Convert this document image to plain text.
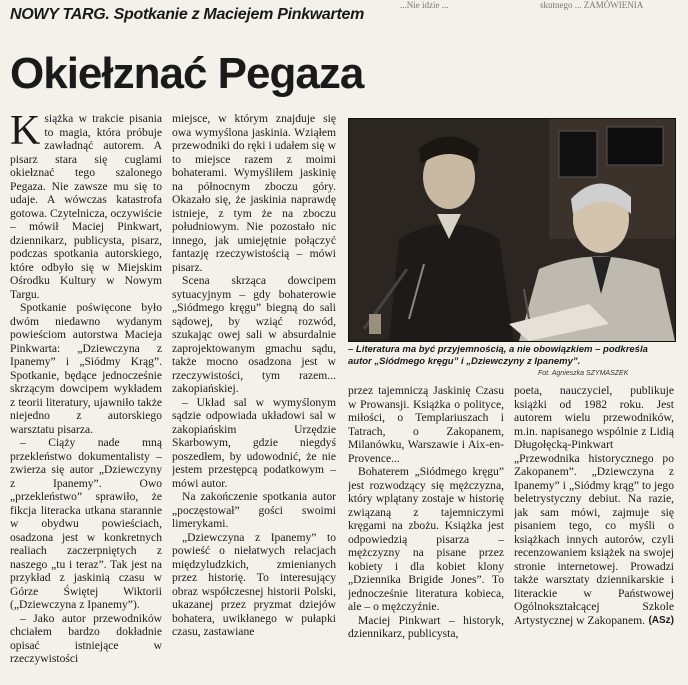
...Nie idzie ...	skutnego ... ZAMÓWIENIA
NOWY TARG. Spotkanie z Maciejem Pinkwartem
Okiełznać Pegaza

Książka w trakcie pisania to magia, która próbuje zawładnąć autorem. A pisarz stara się cuglami okiełznać tego szalonego Pegaza. Nie zawsze mu się to udaje. A wówczas katastrofa gotowa. Czytelnicza, oczywiście – mówił Maciej Pinkwart, dziennikarz, publicysta, pisarz, podczas spotkania autorskiego, które odbyło się w Miejskim Ośrodku Kultury w Nowym Targu.

Spotkanie poświęcone było dwóm niedawno wydanym powieściom autorstwa Macieja Pinkwarta: „Dziewczyna z Ipanemy” i „Siódmy Krąg”. Spotkanie, będące jednocześnie skrzącym dowcipem wykładem z teorii literatury, ujawniło także niejedno z autorskiego warsztatu pisarza.

– Ciąży nade mną przekleństwo dokumentalisty – zwierza się autor „Dziewczyny z Ipanemy”. Owo „przekleństwo” sprawiło, że fikcja literacka utkana starannie w obydwu powieściach, osadzona jest w konkretnych realiach zaczerpniętych z naszego „tu i teraz”. Tak jest na przykład z jaskinią czasu w Górze Świętej Wiktorii („Dziewczyna z Ipanemy”).

– Jako autor przewodników chciałem bardzo dokładnie opisać istniejące w rzeczywistości

miejsce, w którym znajduje się owa wymyślona jaskinia. Wziąłem przewodniki do ręki i udałem się w to miejsce razem z moimi bohaterami. Wymyśliłem jaskinię na północnym zboczu góry. Okazało się, że jaskinia naprawdę istnieje, z tym że na zboczu południowym. Nie pozostało nic innego, jak umiejętnie połączyć fantazję rzeczywistością – mówi pisarz.

Scena skrząca dowcipem sytuacyjnym – gdy bohaterowie „Siódmego kręgu” biegną do sali sądowej, by wziąć rozwód, szukając owej sali w absurdalnie zaprojektowanym gmachu sądu, także mocno osadzona jest w rzeczywistości, tym razem... zakopiańskiej.

– Układ sal w wymyślonym sądzie odpowiada układowi sal w zakopiańskim Urzędzie Skarbowym, gdzie niegdyś poszedłem, by udowodnić, że nie jestem przestępcą podatkowym – mówi autor.

Na zakończenie spotkania autor „poczęstował” gości swoimi limerykami.

„Dziewczyna z Ipanemy” to powieść o niełatwych relacjach międzyludzkich, zmienianych przez historię. To interesujący obraz współczesnej historii Polski, ukazanej przez pryzmat dziejów bohatera, uwikłanego w pułapki czasu, zastawiane

– Literatura ma być przyjemnością, a nie obowiązkiem – podkreśla autor „Siódmego kręgu” i „Dziewczyny z Ipanemy”.
Fot. Agnieszka SZYMASZEK

przez tajemniczą Jaskinię Czasu w Prowansji. Książka o polityce, miłości, o Templariuszach i Tatrach, o Zakopanem, Milanówku, Warszawie i Aix-en-Provence...

Bohaterem „Siódmego kręgu” jest rozwodzący się mężczyzna, który wplątany zostaje w historię związaną z tajemniczymi kręgami na zbożu. Książka jest odpowiedzią pisarza – mężczyzny na pisane przez kobiety i dla kobiet klony „Dziennika Brigide Jones”. To jednocześnie literatura kobieca, ale – o mężczyźnie.

Maciej Pinkwart – historyk, dziennikarz, publicysta,

poeta, nauczyciel, publikuje książki od 1982 roku. Jest autorem wielu przewodników, m.in. napisanego wspólnie z Lidią Długołęcką-Pinkwart „Przewodnika historycznego po Zakopanem”. „Dziewczyna z Ipanemy” i „Siódmy krąg” to jego beletrystyczny debiut. Na razie, jak sam mówi, zajmuje się pisaniem tego, co myśli o książkach innych autorów, czyli recenzowaniem książek na swojej stronie internetowej. Prowadzi także warsztaty dziennikarskie i literackie w Państwowej Ogólnokształcącej Szkole Artystycznej w Zakopanem. (ASz)
